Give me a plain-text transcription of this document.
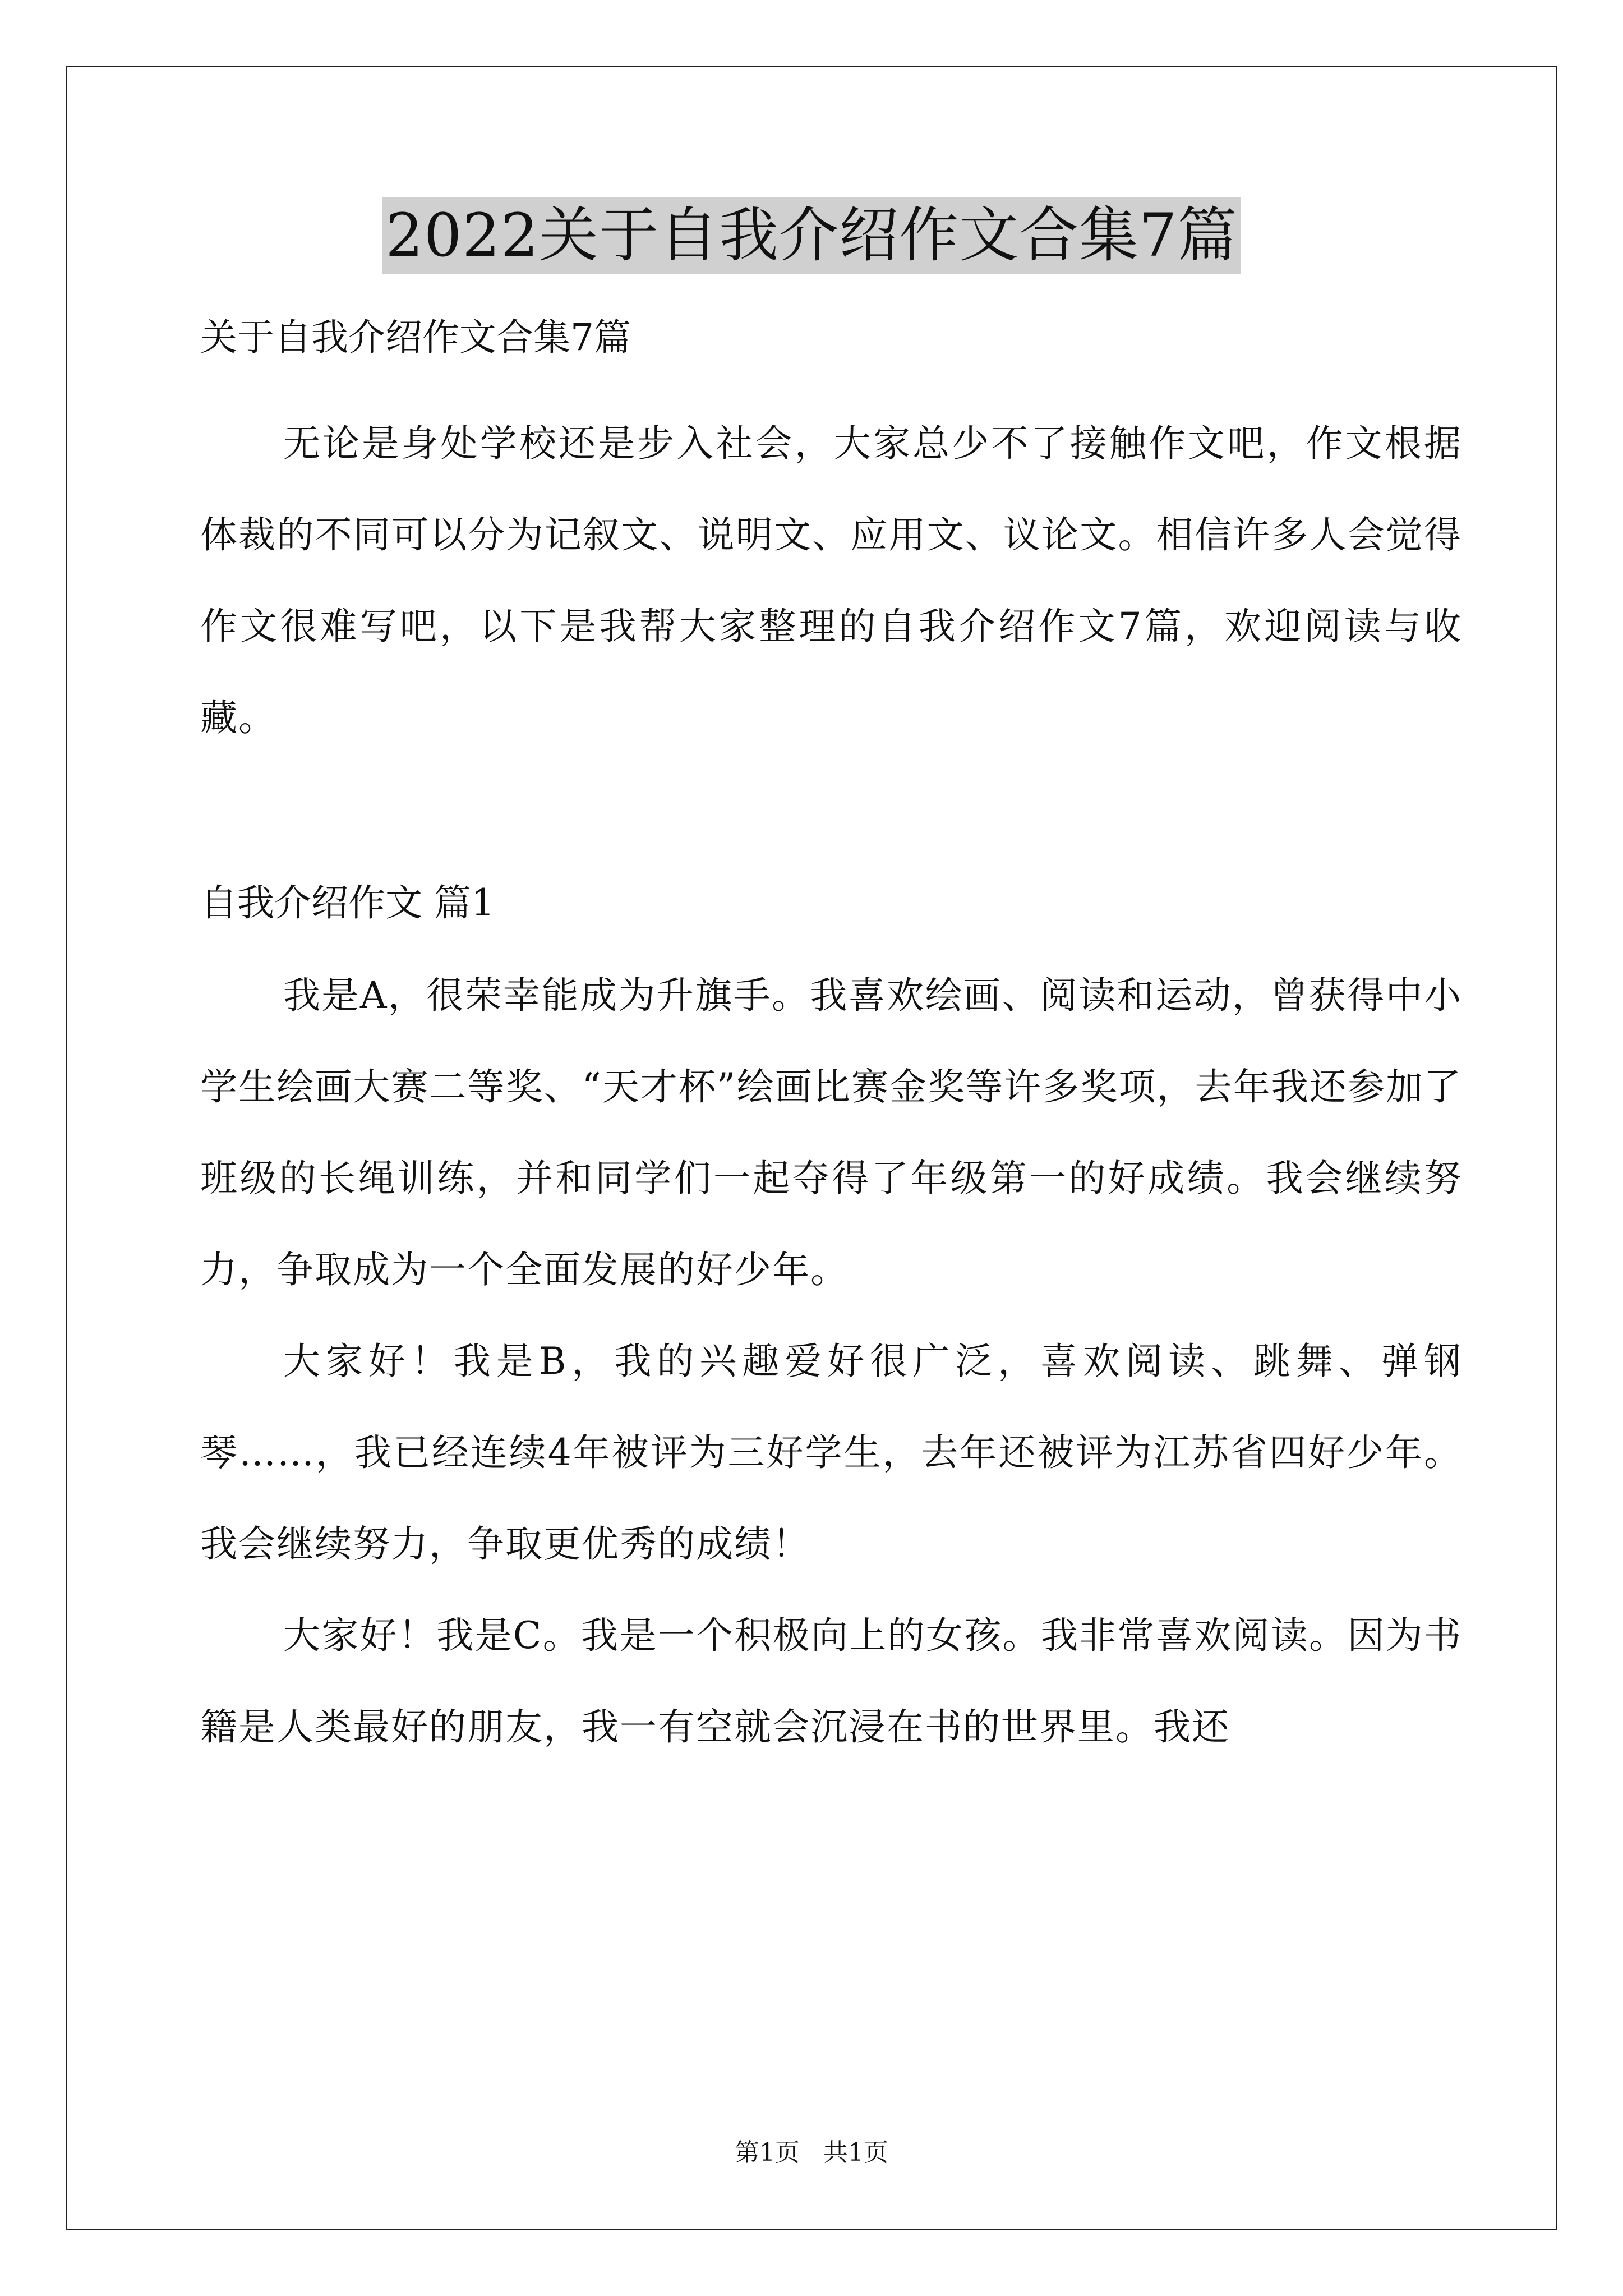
2022关于自我介绍作文合集7篇

关于自我介绍作文合集7篇

无论是身处学校还是步入社会，大家总少不了接触作文吧，作文根据体裁的不同可以分为记叙文、说明文、应用文、议论文。相信许多人会觉得作文很难写吧，以下是我帮大家整理的自我介绍作文7篇，欢迎阅读与收藏。

自我介绍作文 篇1

我是A，很荣幸能成为升旗手。我喜欢绘画、阅读和运动，曾获得中小学生绘画大赛二等奖、“天才杯”绘画比赛金奖等许多奖项，去年我还参加了班级的长绳训练，并和同学们一起夺得了年级第一的好成绩。我会继续努力，争取成为一个全面发展的好少年。

大家好！我是B，我的兴趣爱好很广泛，喜欢阅读、跳舞、弹钢琴……，我已经连续4年被评为三好学生，去年还被评为江苏省四好少年。我会继续努力，争取更优秀的成绩！

大家好！我是C。我是一个积极向上的女孩。我非常喜欢阅读。因为书籍是人类最好的朋友，我一有空就会沉浸在书的世界里。我还

第1页 共1页
